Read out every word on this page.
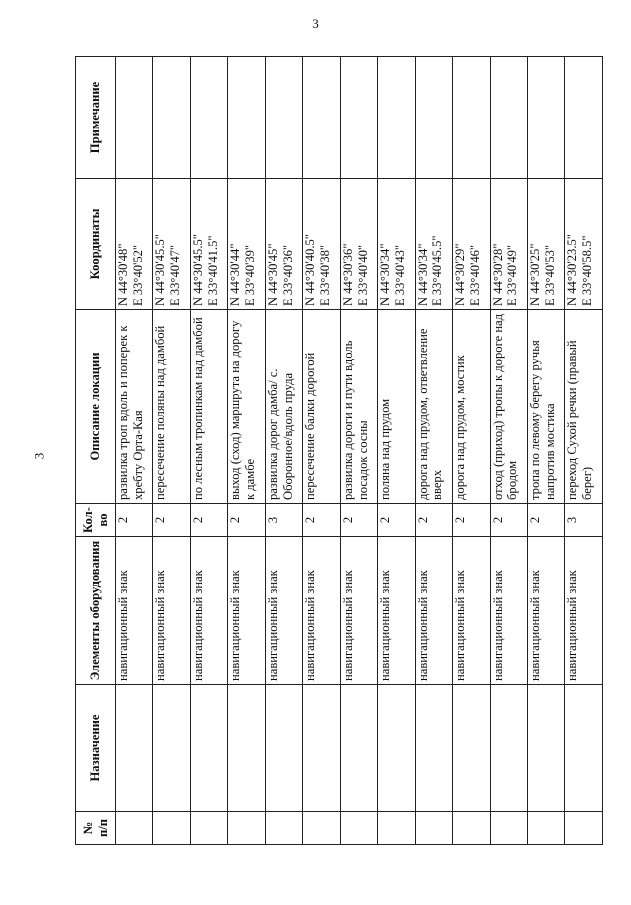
3
3
№ п/п	Назначение	Элементы оборудования	Кол-во	Описание локации	Координаты	Примечание
		навигационный знак	2	развилка троп вдоль и поперек к хребту Орта-Кая	N 44°30'48" E 33°40'52"	

		навигационный знак	2	пересечение поляны над дамбой	N 44°30'45.5" E 33°40'47"	

		навигационный знак	2	по лесным тропинкам над дамбой	N 44°30'45.5" E 33°40'41.5"	

		навигационный знак	2	выход (сход) маршрута на дорогу к дамбе	N 44°30'44" E 33°40'39"	

		навигационный знак	3	развилка дорог дамба/ с. Оборонное/вдоль пруда	N 44°30'45" E 33°40'36"	

		навигационный знак	2	пересечение балки дорогой	N 44°30'40.5" E 33°40'38"	

		навигационный знак	2	развилка дороги и пути вдоль посадок сосны	N 44°30'36" E 33°40'40"	

		навигационный знак	2	поляна над прудом	N 44°30'34" E 33°40'43"	

		навигационный знак	2	дорога над прудом, ответвление вверх	N 44°30'34" E 33°40'45.5"	

		навигационный знак	2	дорога над прудом, мостик	N 44°30'29" E 33°40'46"	

		навигационный знак	2	отход (приход) тропы к дороге над бродом	N 44°30'28" E 33°40'49"	

		навигационный знак	2	тропа по левому берегу ручья напротив мостика	N 44°30'25" E 33°40'53"	

		навигационный знак	3	переход Сухой речки (правый берег)	N 44°30'23.5" E 33°40'58.5"	
